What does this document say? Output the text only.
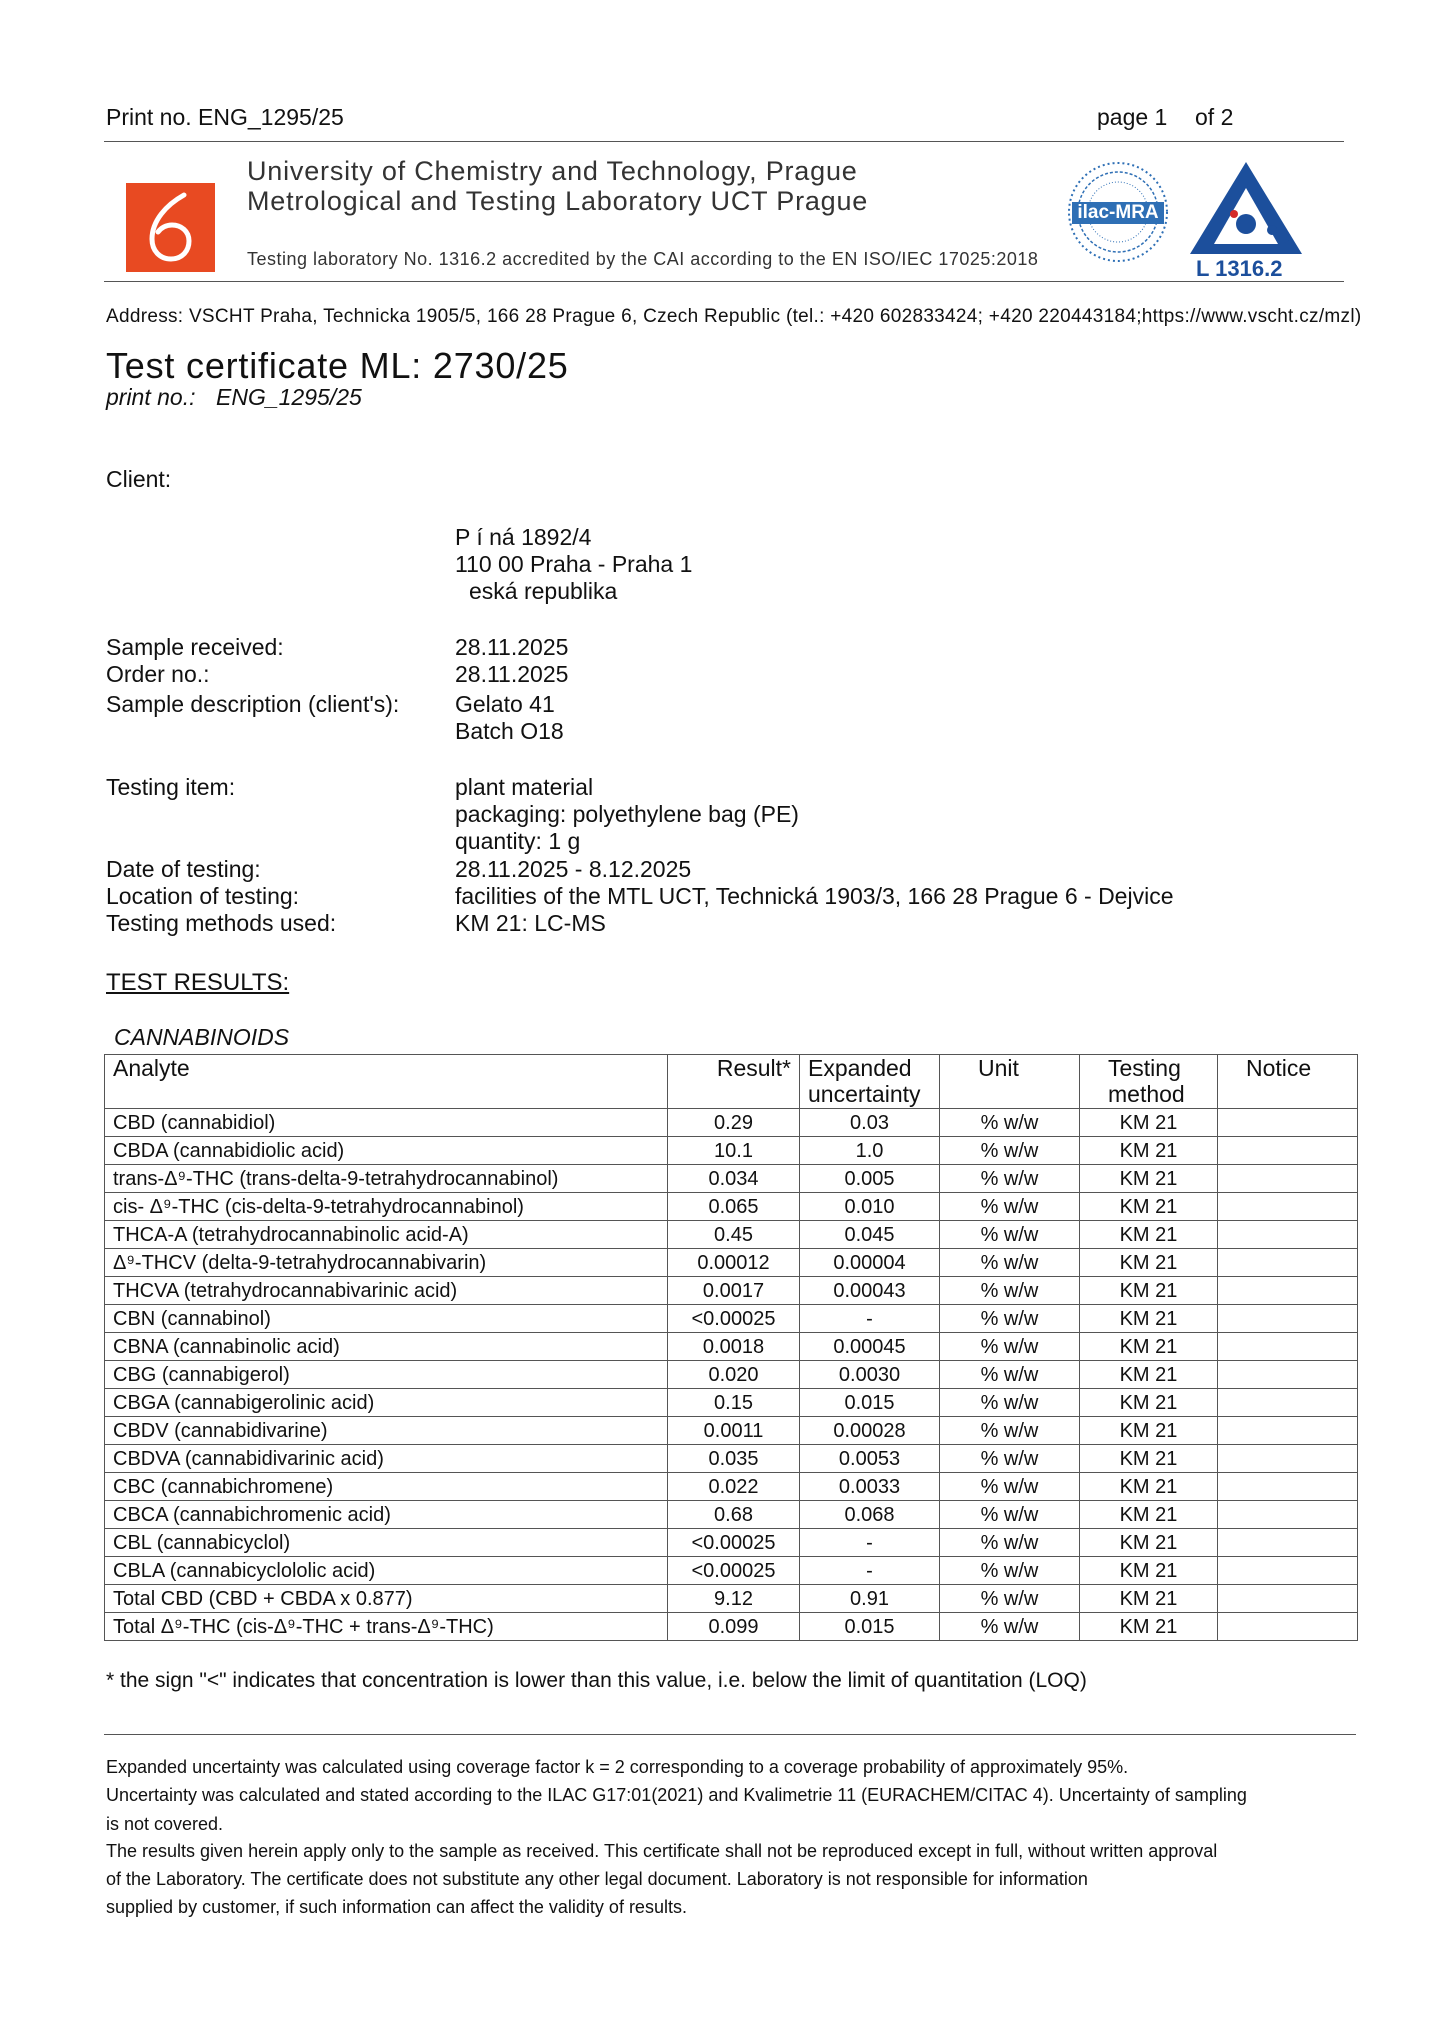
Print no. ENG_1295/25	page 1 of 2
University of Chemistry and Technology, Prague
Metrological and Testing Laboratory UCT Prague
Testing laboratory No. 1316.2 accredited by the CAI according to the EN ISO/IEC 17025:2018
ilac-MRA
L 1316.2
Address: VSCHT Praha, Technicka 1905/5, 166 28 Prague 6, Czech Republic (tel.: +420 602833424; +420 220443184;https://www.vscht.cz/mzl)
Test certificate ML: 2730/25
print no.: ENG_1295/25
Client:
P í ná 1892/4
110 00 Praha - Praha 1
eská republika
Sample received:	28.11.2025
Order no.:	28.11.2025
Sample description (client's): Gelato 41
Batch O18
Testing item:	plant material
packaging: polyethylene bag (PE)
quantity: 1 g
Date of testing:	28.11.2025 - 8.12.2025
Location of testing:	facilities of the MTL UCT, Technická 1903/3, 166 28 Prague 6 - Dejvice
Testing methods used:	KM 21: LC-MS
TEST RESULTS:
CANNABINOIDS
Analyte	Result*	Expanded uncertainty	Unit	Testing method	Notice
CBD (cannabidiol)	0.29	0.03	% w/w	KM 21	
CBDA (cannabidiolic acid)	10.1	1.0	% w/w	KM 21	
trans-Δ⁹-THC (trans-delta-9-tetrahydrocannabinol)	0.034	0.005	% w/w	KM 21	
cis- Δ⁹-THC (cis-delta-9-tetrahydrocannabinol)	0.065	0.010	% w/w	KM 21	
THCA-A (tetrahydrocannabinolic acid-A)	0.45	0.045	% w/w	KM 21	
Δ⁹-THCV (delta-9-tetrahydrocannabivarin)	0.00012	0.00004	% w/w	KM 21	
THCVA (tetrahydrocannabivarinic acid)	0.0017	0.00043	% w/w	KM 21	
CBN (cannabinol)	<0.00025	-	% w/w	KM 21	
CBNA (cannabinolic acid)	0.0018	0.00045	% w/w	KM 21	
CBG (cannabigerol)	0.020	0.0030	% w/w	KM 21	
CBGA (cannabigerolinic acid)	0.15	0.015	% w/w	KM 21	
CBDV (cannabidivarine)	0.0011	0.00028	% w/w	KM 21	
CBDVA (cannabidivarinic acid)	0.035	0.0053	% w/w	KM 21	
CBC (cannabichromene)	0.022	0.0033	% w/w	KM 21	
CBCA (cannabichromenic acid)	0.68	0.068	% w/w	KM 21	
CBL (cannabicyclol)	<0.00025	-	% w/w	KM 21	
CBLA (cannabicyclololic acid)	<0.00025	-	% w/w	KM 21	
Total CBD (CBD + CBDA x 0.877)	9.12	0.91	% w/w	KM 21	
Total Δ⁹-THC (cis-Δ⁹-THC + trans-Δ⁹-THC)	0.099	0.015	% w/w	KM 21	
* the sign "<" indicates that concentration is lower than this value, i.e. below the limit of quantitation (LOQ)
Expanded uncertainty was calculated using coverage factor k = 2 corresponding to a coverage probability of approximately 95%.
Uncertainty was calculated and stated according to the ILAC G17:01(2021) and Kvalimetrie 11 (EURACHEM/CITAC 4). Uncertainty of sampling
is not covered.
The results given herein apply only to the sample as received. This certificate shall not be reproduced except in full, without written approval
of the Laboratory. The certificate does not substitute any other legal document. Laboratory is not responsible for information
supplied by customer, if such information can affect the validity of results.
